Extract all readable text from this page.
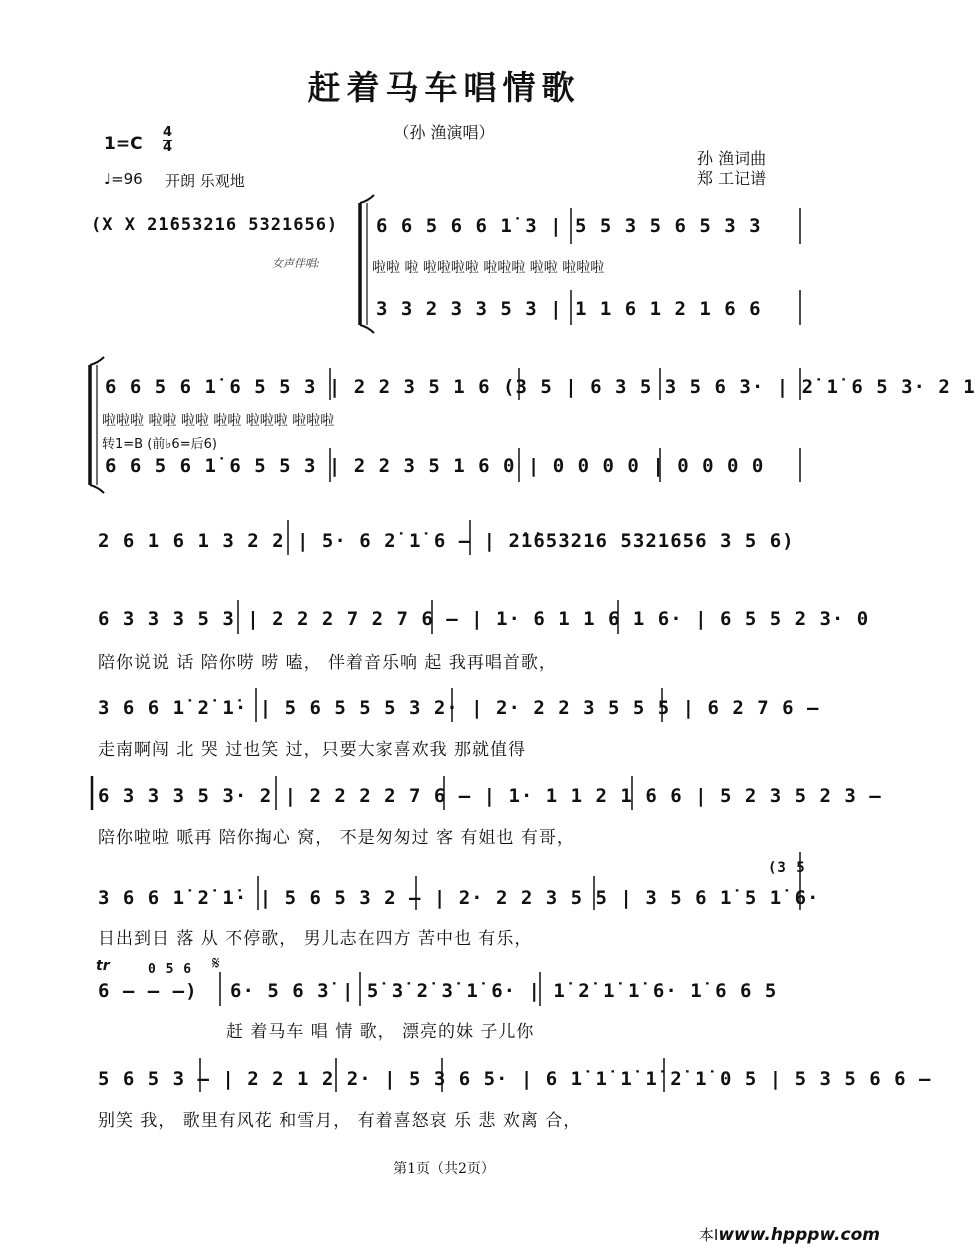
赶着马车唱情歌
（孙 渔演唱）
1=C
4
4
♩=96 开朗 乐观地
孙 渔词曲
郑 工记谱
(X X 2̇1̇653216 5321656)
女声伴唱:
6 6 5 6 6 1̇ 3 | 5 5 3 5 6 5 3 3
啦啦 啦 啦啦啦啦 啦啦啦 啦啦 啦啦啦
3 3 2 3 3 5 3 | 1 1 6 1 2 1 6 6
6 6 5 6 1̇ 6 5 5 3 | 2 2 3 5 1 6 (3 5 | 6 3 5 3 5 6 3· | 2̇ 1̇ 6 5 3· 2 1
啦啦啦 啦啦 啦啦 啦啦 啦啦啦 啦啦啦
转1=B (前♭6=后6)
6 6 5 6 1̇ 6 5 5 3 | 2 2 3 5 1 6 0 | 0 0 0 0 | 0 0 0 0
2 6 1 6 1 3 2 2 | 5· 6 2̇ 1̇ 6 – | 2̇1̇653216 5321656 3 5 6)
6 3 3 3 5 3 | 2 2 2 7 2 7 6 – | 1· 6 1 1 6 1 6· | 6 5 5 2 3· 0
陪你说说 话 陪你唠 唠 嗑， 伴着音乐响 起 我再唱首歌，
3 6 6 1̇ 2̇ 1̇· | 5 6 5 5 5 3 2· | 2· 2 2 3 5 5 5 | 6 2 7 6 –
走南啊闯 北 哭 过也笑 过，只要大家喜欢我 那就值得
6 3 3 3 5 3· 2 | 2 2 2 2 7 6 – | 1· 1 1 2 1 6 6 | 5 2 3 5 2 3 –
陪你啦啦 哌再 陪你掏心 窝， 不是匆匆过 客 有姐也 有哥，
3 6 6 1̇ 2̇ 1̇· | 5 6 5 3 2 – | 2· 2 2 3 5 5 | 3 5 6 1̇ 5 1̇ 6·
日出到日 落 从 不停歌， 男儿志在四方 苦中也 有乐，
(3 5
tr	𝄋
0 5 6
6 – – –) 6· 5 6 3̇ | 5̇ 3̇ 2̇ 3̇ 1̇ 6· | 1̇ 2̇ 1̇ 1̇ 6· 1̇ 6 6 5
赶 着马车 唱 情 歌， 漂亮的妹 子儿你
5 6 5 3 – | 2 2 1 2 2· | 5 3 6 5· | 6 1̇ 1̇ 1̇ 1̇ 2̇ 1̇ 0 5 | 5 3 5 6 6 –
别笑 我， 歌里有风花 和雪月， 有着喜怒哀 乐 悲 欢离 合，
第1页（共2页）
本Iwww.hpppw.com
